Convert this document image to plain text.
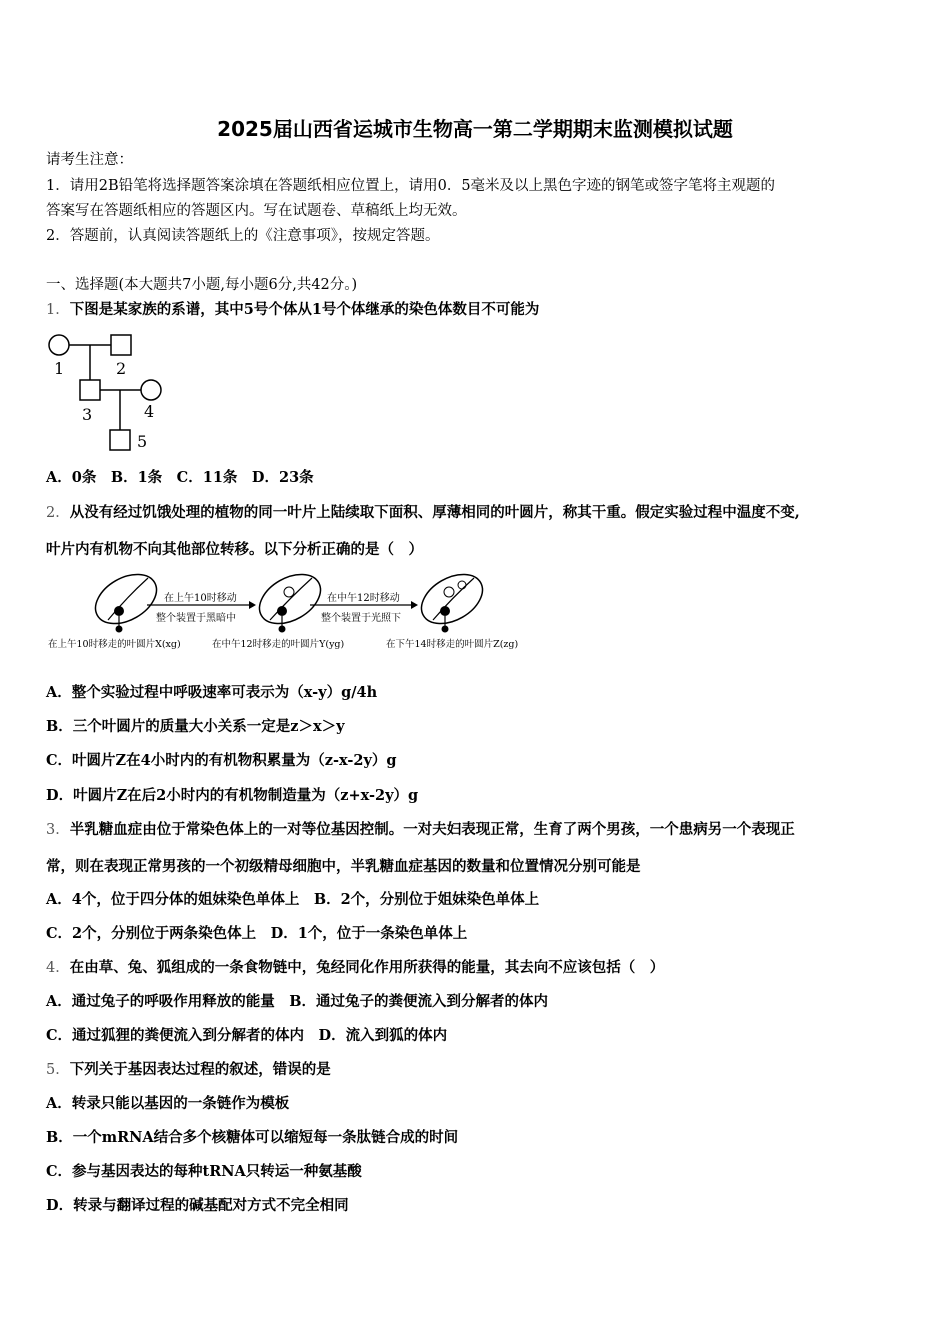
2025届山西省运城市生物高一第二学期期末监测模拟试题
请考生注意：
1．请用2B铅笔将选择题答案涂填在答题纸相应位置上，请用0．5毫米及以上黑色字迹的钢笔或签字笔将主观题的
答案写在答题纸相应的答题区内。写在试题卷、草稿纸上均无效。
2．答题前，认真阅读答题纸上的《注意事项》，按规定答题。
一、选择题(本大题共7小题,每小题6分,共42分。)
1．下图是某家族的系谱，其中5号个体从1号个体继承的染色体数目不可能为
1	2
3	4
5
A．0条　B．1条　C．11条　D．23条
2．从没有经过饥饿处理的植物的同一叶片上陆续取下面积、厚薄相同的叶圆片，称其干重。假定实验过程中温度不变,
叶片内有机物不向其他部位转移。以下分析正确的是（　）
在上午10时移动
整个装置于黑暗中
在中午12时移动
整个装置于光照下
在上午10时移走的叶圆片X(xg)	在中午12时移走的叶圆片Y(yg)	在下午14时移走的叶圆片Z(zg)
A．整个实验过程中呼吸速率可表示为（x-y）g/4h
B．三个叶圆片的质量大小关系一定是z＞x＞y
C．叶圆片Z在4小时内的有机物积累量为（z-x-2y）g
D．叶圆片Z在后2小时内的有机物制造量为（z+x-2y）g
3．半乳糖血症由位于常染色体上的一对等位基因控制。一对夫妇表现正常，生育了两个男孩，一个患病另一个表现正
常，则在表现正常男孩的一个初级精母细胞中，半乳糖血症基因的数量和位置情况分别可能是
A．4个，位于四分体的姐妹染色单体上　B．2个，分别位于姐妹染色单体上
C．2个，分别位于两条染色体上　D．1个，位于一条染色单体上
4．在由草、兔、狐组成的一条食物链中，兔经同化作用所获得的能量，其去向不应该包括（　）
A．通过兔子的呼吸作用释放的能量　B．通过兔子的粪便流入到分解者的体内
C．通过狐狸的粪便流入到分解者的体内　D．流入到狐的体内
5．下列关于基因表达过程的叙述，错误的是
A．转录只能以基因的一条链作为模板
B．一个mRNA结合多个核糖体可以缩短每一条肽链合成的时间
C．参与基因表达的每种tRNA只转运一种氨基酸
D．转录与翻译过程的碱基配对方式不完全相同
